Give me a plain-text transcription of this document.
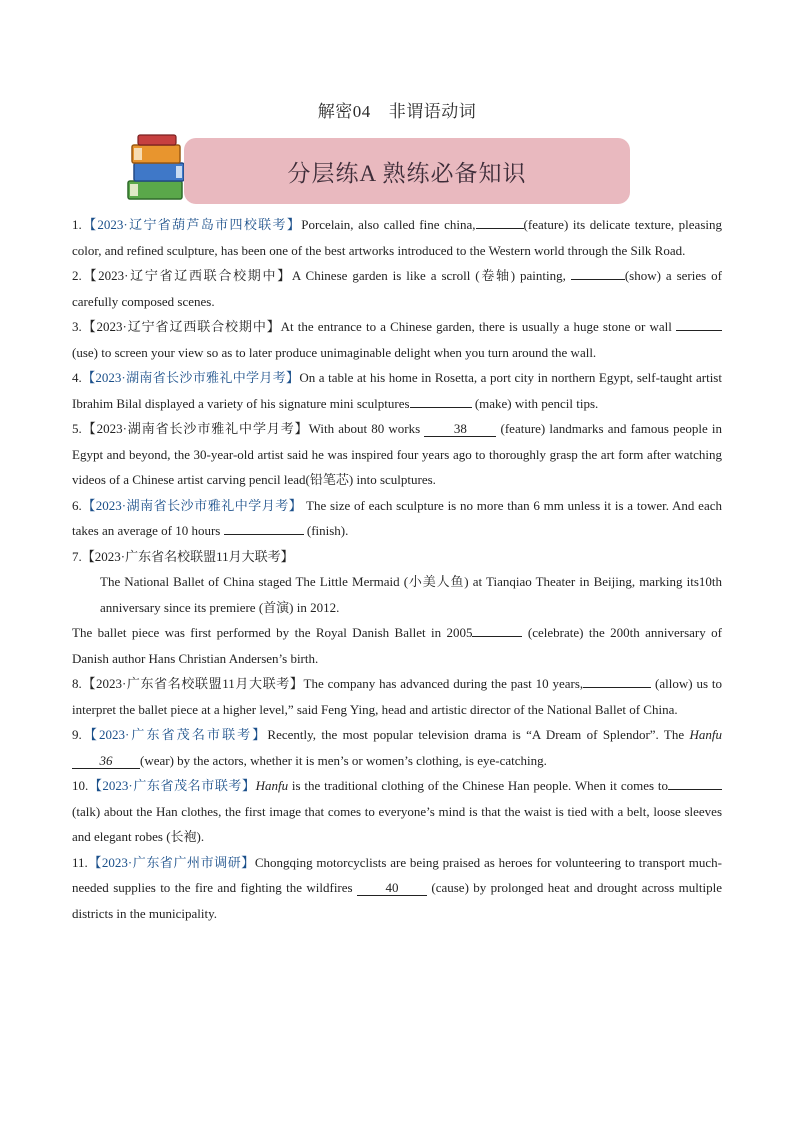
解密04 非谓语动词
分层练A 熟练必备知识

1.【2023·辽宁省葫芦岛市四校联考】Porcelain, also called fine china,	(feature) its delicate texture, pleasing color, and refined sculpture, has been one of the best artworks introduced to the Western world through the Silk Road.

2.【2023·辽宁省辽西联合校期中】A Chinese garden is like a scroll (卷轴) painting,	(show) a series of carefully composed scenes.

3.【2023·辽宁省辽西联合校期中】At the entrance to a Chinese garden, there is usually a huge stone or wall (use) to screen your view so as to later produce unimaginable delight when you turn around the wall.

4.【2023·湖南省长沙市雅礼中学月考】On a table at his home in Rosetta, a port city in northern Egypt, self-taught artist Ibrahim Bilal displayed a variety of his signature mini sculptures	(make) with pencil tips.

5.【2023·湖南省长沙市雅礼中学月考】With about 80 works 38 (feature) landmarks and famous people in Egypt and beyond, the 30-year-old artist said he was inspired four years ago to thoroughly grasp the art form after watching videos of a Chinese artist carving pencil lead(铅笔芯) into sculptures.

6.【2023·湖南省长沙市雅礼中学月考】 The size of each sculpture is no more than 6 mm unless it is a tower. And each takes an average of 10 hours	(finish).

7.【2023·广东省名校联盟11月大联考】

The National Ballet of China staged The Little Mermaid (小美人鱼) at Tianqiao Theater in Beijing, marking its10th anniversary since its premiere (首演) in 2012.

The ballet piece was first performed by the Royal Danish Ballet in 2005	(celebrate) the 200th anniversary of Danish author Hans Christian Andersen’s birth.

8.【2023·广东省名校联盟11月大联考】The company has advanced during the past 10 years,	(allow) us to interpret the ballet piece at a higher level,” said Feng Ying, head and artistic director of the National Ballet of China.

9.【2023·广东省茂名市联考】Recently, the most popular television drama is “A Dream of Splendor”. The Hanfu36 (wear) by the actors, whether it is men’s or women’s clothing, is eye-catching.

10.【2023·广东省茂名市联考】Hanfu is the traditional clothing of the Chinese Han people. When it comes to(talk) about the Han clothes, the first image that comes to everyone’s mind is that the waist is tied with a belt, loose sleeves and elegant robes (长袍).

11.【2023·广东省广州市调研】Chongqing motorcyclists are being praised as heroes for volunteering to transport much-needed supplies to the fire and fighting the wildfires 40 (cause) by prolonged heat and drought across multiple districts in the municipality.
